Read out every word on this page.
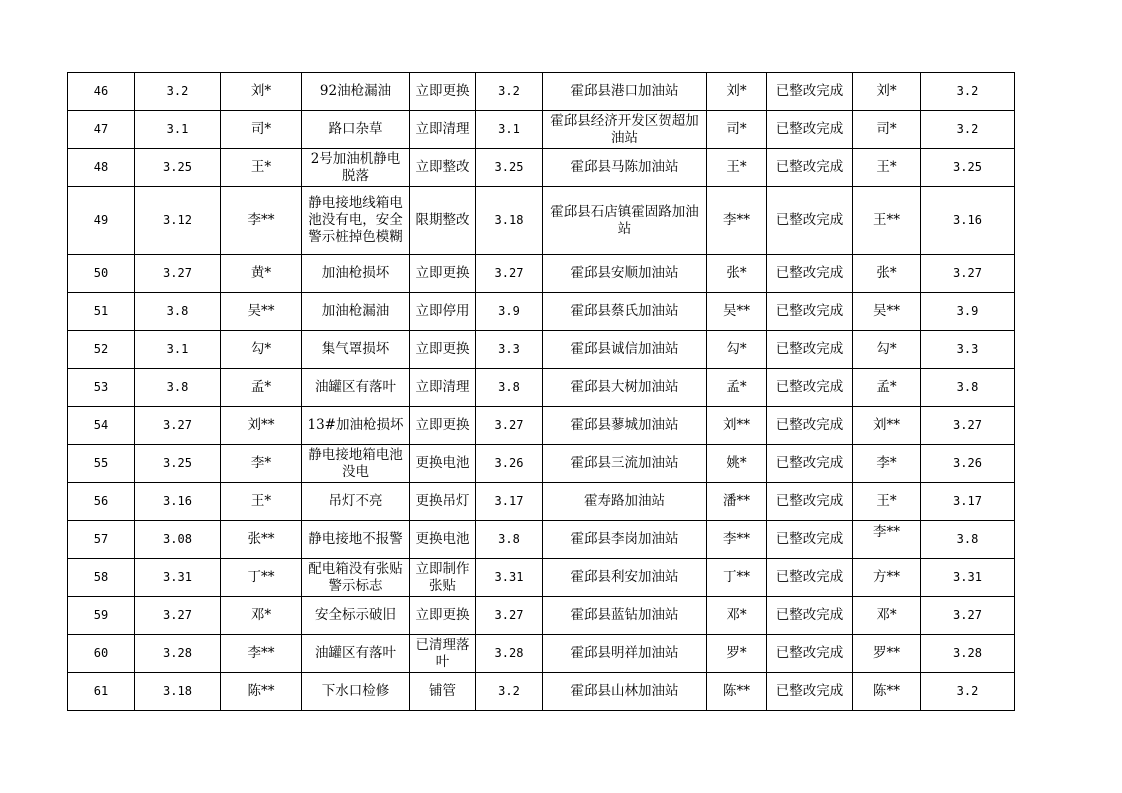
46	3.2	刘*	92油枪漏油	立即更换	3.2	霍邱县港口加油站	刘*	已整改完成	刘*	3.2
47	3.1	司*	路口杂草	立即清理	3.1	霍邱县经济开发区贺超加油站	司*	已整改完成	司*	3.2
48	3.25	王*	2号加油机静电脱落	立即整改	3.25	霍邱县马陈加油站	王*	已整改完成	王*	3.25
49	3.12	李**	静电接地线箱电池没有电，安全警示桩掉色模糊	限期整改	3.18	霍邱县石店镇霍固路加油站	李**	已整改完成	王**	3.16
50	3.27	黄*	加油枪损坏	立即更换	3.27	霍邱县安顺加油站	张*	已整改完成	张*	3.27
51	3.8	吴**	加油枪漏油	立即停用	3.9	霍邱县蔡氏加油站	吴**	已整改完成	吴**	3.9
52	3.1	勾*	集气罩损坏	立即更换	3.3	霍邱县诚信加油站	勾*	已整改完成	勾*	3.3
53	3.8	孟*	油罐区有落叶	立即清理	3.8	霍邱县大树加油站	孟*	已整改完成	孟*	3.8
54	3.27	刘**	13#加油枪损坏	立即更换	3.27	霍邱县蓼城加油站	刘**	已整改完成	刘**	3.27
55	3.25	李*	静电接地箱电池没电	更换电池	3.26	霍邱县三流加油站	姚*	已整改完成	李*	3.26
56	3.16	王*	吊灯不亮	更换吊灯	3.17	霍寿路加油站	潘**	已整改完成	王*	3.17
57	3.08	张**	静电接地不报警	更换电池	3.8	霍邱县李岗加油站	李**	已整改完成	李**	3.8
58	3.31	丁**	配电箱没有张贴警示标志	立即制作张贴	3.31	霍邱县利安加油站	丁**	已整改完成	方**	3.31
59	3.27	邓*	安全标示破旧	立即更换	3.27	霍邱县蓝钻加油站	邓*	已整改完成	邓*	3.27
60	3.28	李**	油罐区有落叶	已清理落叶	3.28	霍邱县明祥加油站	罗*	已整改完成	罗**	3.28
61	3.18	陈**	下水口检修	铺管	3.2	霍邱县山林加油站	陈**	已整改完成	陈**	3.2
